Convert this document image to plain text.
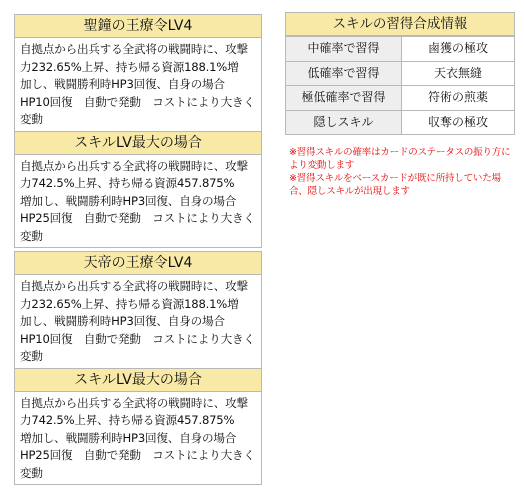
聖鐘の王療令LV4
自拠点から出兵する全武将の戦闘時に、攻撃
力232.65%上昇、持ち帰る資源188.1%増
加し、戦闘勝利時HP3回復、自身の場合
HP10回復　自動で発動　コストにより大きく変動
スキルLV最大の場合
自拠点から出兵する全武将の戦闘時に、攻撃
力742.5%上昇、持ち帰る資源457.875%
増加し、戦闘勝利時HP3回復、自身の場合
HP25回復　自動で発動　コストにより大きく変動
天帝の王療令LV4
自拠点から出兵する全武将の戦闘時に、攻撃
力232.65%上昇、持ち帰る資源188.1%増
加し、戦闘勝利時HP3回復、自身の場合
HP10回復　自動で発動　コストにより大きく変動
スキルLV最大の場合
自拠点から出兵する全武将の戦闘時に、攻撃
力742.5%上昇、持ち帰る資源457.875%
増加し、戦闘勝利時HP3回復、自身の場合
HP25回復　自動で発動　コストにより大きく変動
スキルの習得合成情報
中確率で習得	鹵獲の極攻
低確率で習得	天衣無縫
極低確率で習得	符術の煎薬
隠しスキル	収奪の極攻
※習得スキルの確率はカードのステータスの振り方により変動します
※習得スキルをベースカードが既に所持していた場合、隠しスキルが出現します
